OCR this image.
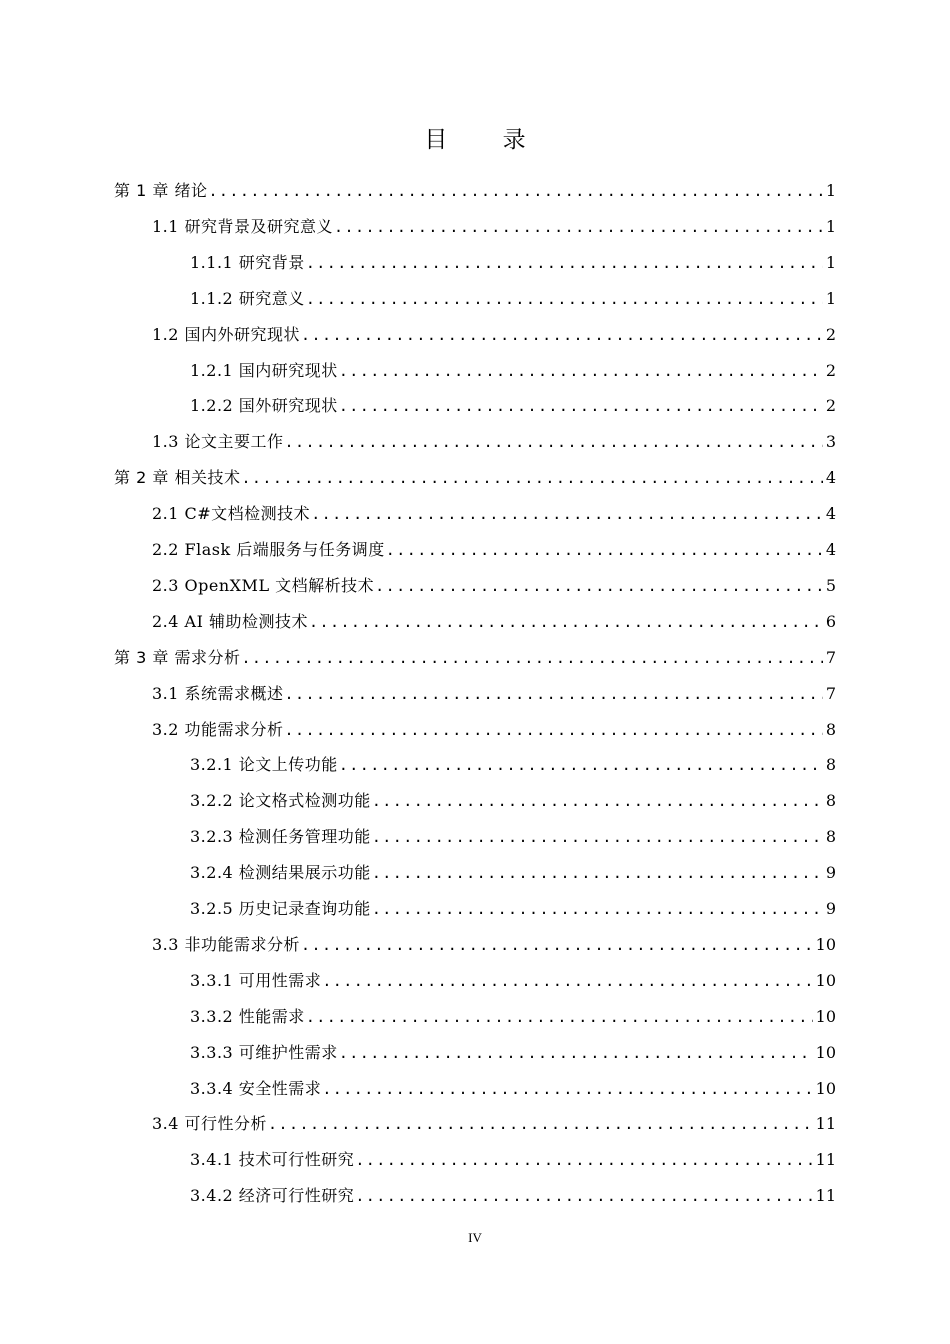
目 录
第 1 章 绪论 .....	1
1.1 研究背景及研究意义 .....	1
1.1.1 研究背景 .....	1
1.1.2 研究意义 .....	1
1.2 国内外研究现状 .....	2
1.2.1 国内研究现状 .....	2
1.2.2 国外研究现状 .....	2
1.3 论文主要工作 .....	3
第 2 章 相关技术 .....	4
2.1 C#文档检测技术 .....	4
2.2 Flask 后端服务与任务调度 .....	4
2.3 OpenXML 文档解析技术 .....	5
2.4 AI 辅助检测技术 .....	6
第 3 章 需求分析 .....	7
3.1 系统需求概述 .....	7
3.2 功能需求分析 .....	8
3.2.1 论文上传功能 .....	8
3.2.2 论文格式检测功能 .....	8
3.2.3 检测任务管理功能 .....	8
3.2.4 检测结果展示功能 .....	9
3.2.5 历史记录查询功能 .....	9
3.3 非功能需求分析 .....	10
3.3.1 可用性需求 .....	10
3.3.2 性能需求 .....	10
3.3.3 可维护性需求 .....	10
3.3.4 安全性需求 .....	10
3.4 可行性分析 .....	11
3.4.1 技术可行性研究 .....	11
3.4.2 经济可行性研究 .....	11
IV
